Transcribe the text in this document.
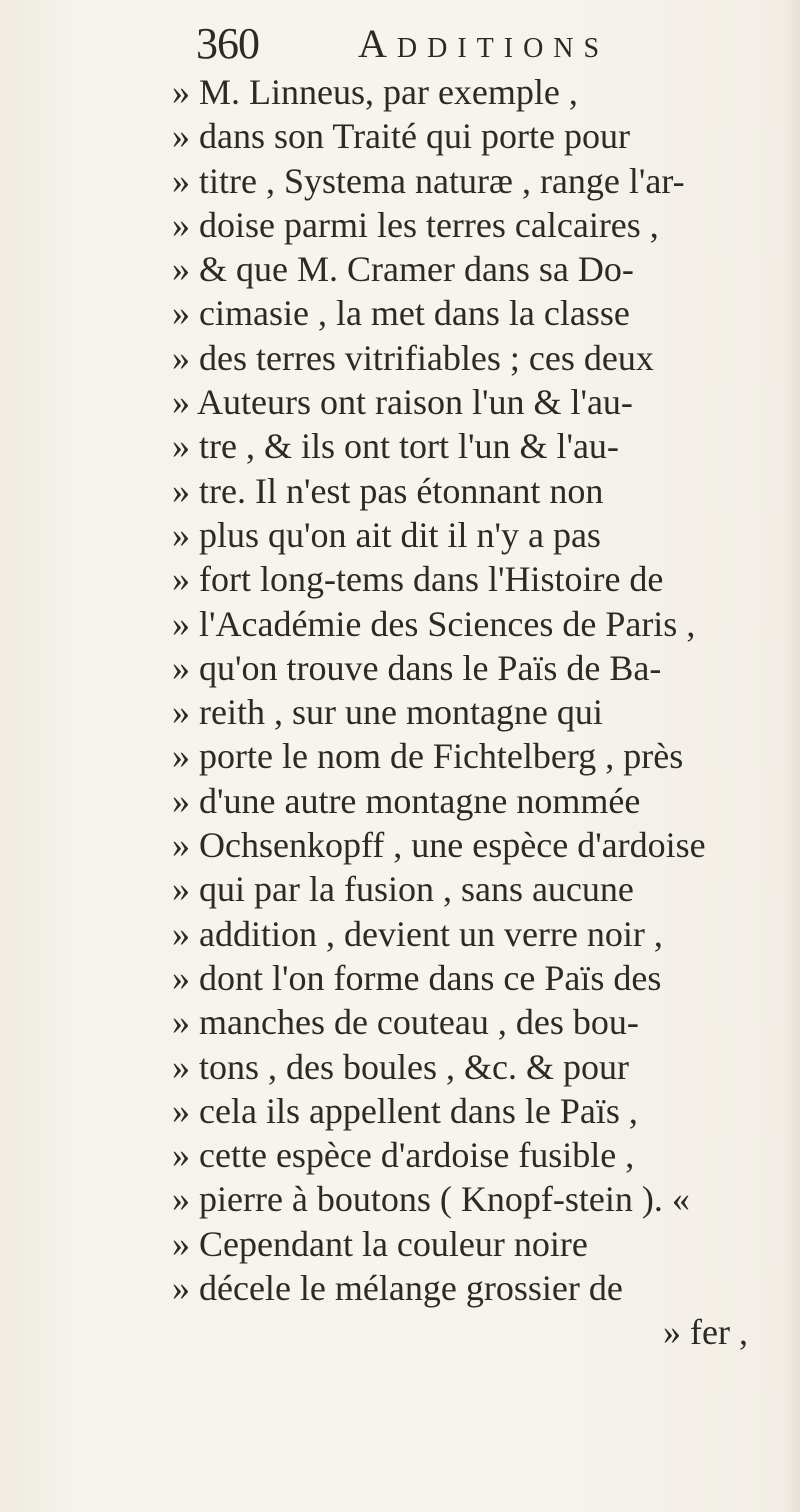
360 Additions
» M. Linneus, par exemple ,
» dans son Traité qui porte pour
» titre , Systema naturæ , range l'ar-
» doise parmi les terres calcaires ,
» & que M. Cramer dans sa Do-
» cimasie , la met dans la classe
» des terres vitrifiables ; ces deux
» Auteurs ont raison l'un & l'au-
» tre , & ils ont tort l'un & l'au-
» tre. Il n'est pas étonnant non
» plus qu'on ait dit il n'y a pas
» fort long-tems dans l'Histoire de
» l'Académie des Sciences de Paris ,
» qu'on trouve dans le Païs de Ba-
» reith , sur une montagne qui
» porte le nom de Fichtelberg , près
» d'une autre montagne nommée
» Ochsenkopff , une espèce d'ardoise
» qui par la fusion , sans aucune
» addition , devient un verre noir ,
» dont l'on forme dans ce Païs des
» manches de couteau , des bou-
» tons , des boules , &c. & pour
» cela ils appellent dans le Païs ,
» cette espèce d'ardoise fusible ,
» pierre à boutons ( Knopf-stein ). «
» Cependant la couleur noire
» décele le mélange grossier de
» fer ,
